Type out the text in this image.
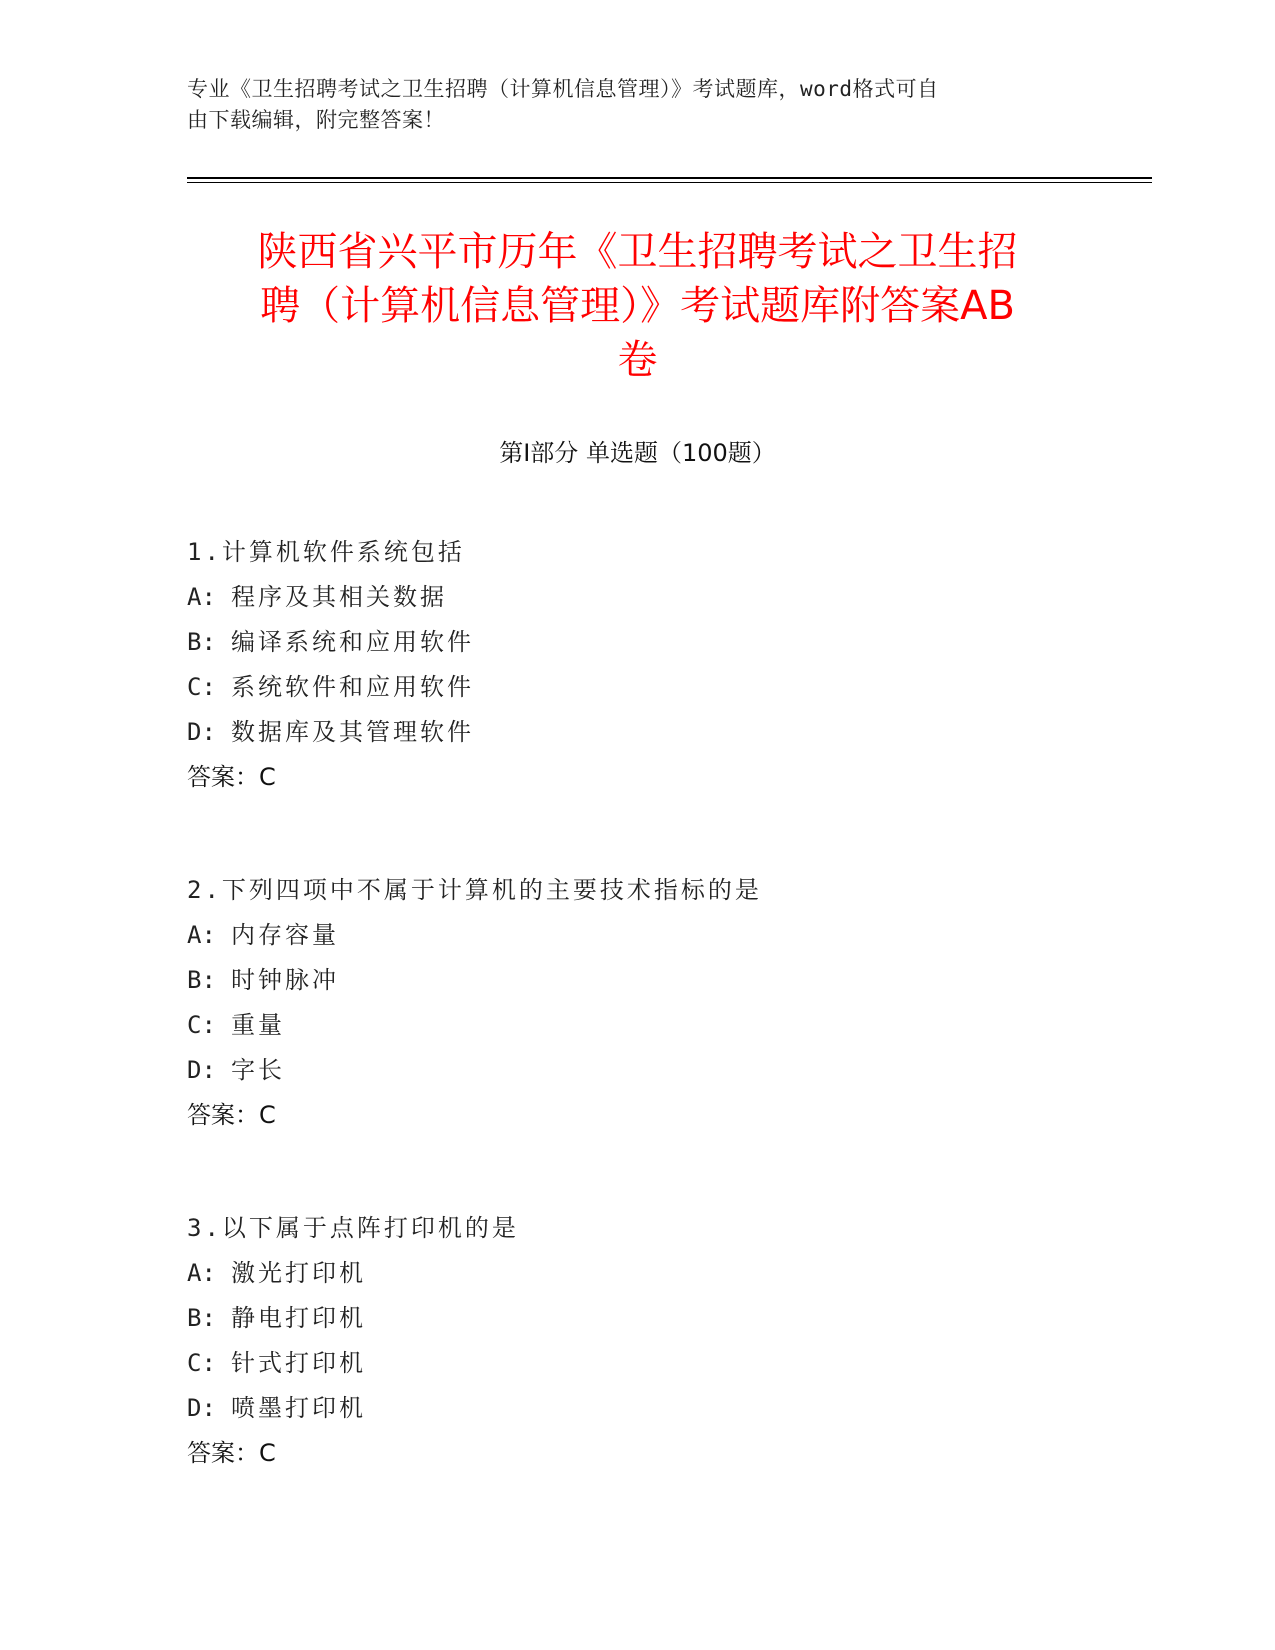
专业《卫生招聘考试之卫生招聘（计算机信息管理）》考试题库，word格式可自
由下载编辑，附完整答案！
陕西省兴平市历年《卫生招聘考试之卫生招
聘（计算机信息管理）》考试题库附答案AB
卷
第Ⅰ部分 单选题（100题）
1.计算机软件系统包括
A: 程序及其相关数据
B: 编译系统和应用软件
C: 系统软件和应用软件
D: 数据库及其管理软件
答案：C
2.下列四项中不属于计算机的主要技术指标的是
A: 内存容量
B: 时钟脉冲
C: 重量
D: 字长
答案：C
3.以下属于点阵打印机的是
A: 激光打印机
B: 静电打印机
C: 针式打印机
D: 喷墨打印机
答案：C
